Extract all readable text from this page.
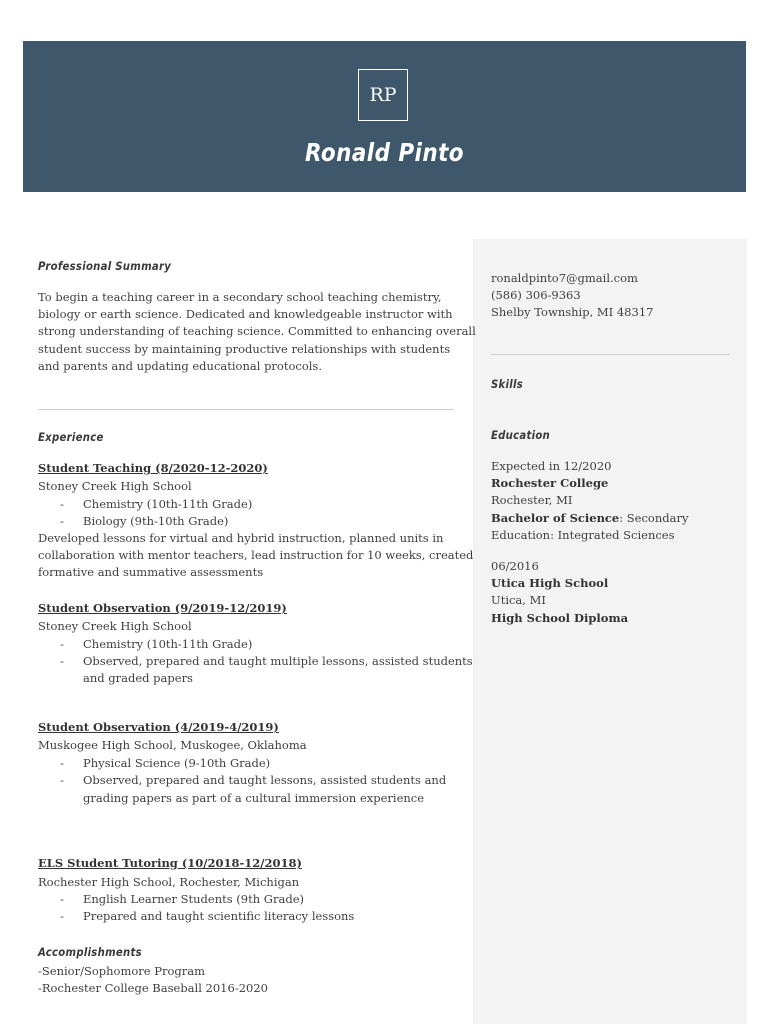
RP
Ronald Pinto
Professional Summary
To begin a teaching career in a secondary school teaching chemistry,
biology or earth science. Dedicated and knowledgeable instructor with
strong understanding of teaching science. Committed to enhancing overall
student success by maintaining productive relationships with students
and parents and updating educational protocols.
Experience
Student Teaching (8/2020-12-2020)
Stoney Creek High School
- Chemistry (10th-11th Grade)
- Biology (9th-10th Grade)
Developed lessons for virtual and hybrid instruction, planned units in
collaboration with mentor teachers, lead instruction for 10 weeks, created
formative and summative assessments
Student Observation (9/2019-12/2019)
Stoney Creek High School
- Chemistry (10th-11th Grade)
- Observed, prepared and taught multiple lessons, assisted students
and graded papers
Student Observation (4/2019-4/2019)
Muskogee High School, Muskogee, Oklahoma
- Physical Science (9-10th Grade)
- Observed, prepared and taught lessons, assisted students and
grading papers as part of a cultural immersion experience
ELS Student Tutoring (10/2018-12/2018)
Rochester High School, Rochester, Michigan
- English Learner Students (9th Grade)
- Prepared and taught scientific literacy lessons
Accomplishments
-Senior/Sophomore Program
-Rochester College Baseball 2016-2020
ronaldpinto7@gmail.com
(586) 306-9363
Shelby Township, MI 48317
Skills
Education
Expected in 12/2020
Rochester College
Rochester, MI
Bachelor of Science: Secondary
Education: Integrated Sciences
06/2016
Utica High School
Utica, MI
High School Diploma
